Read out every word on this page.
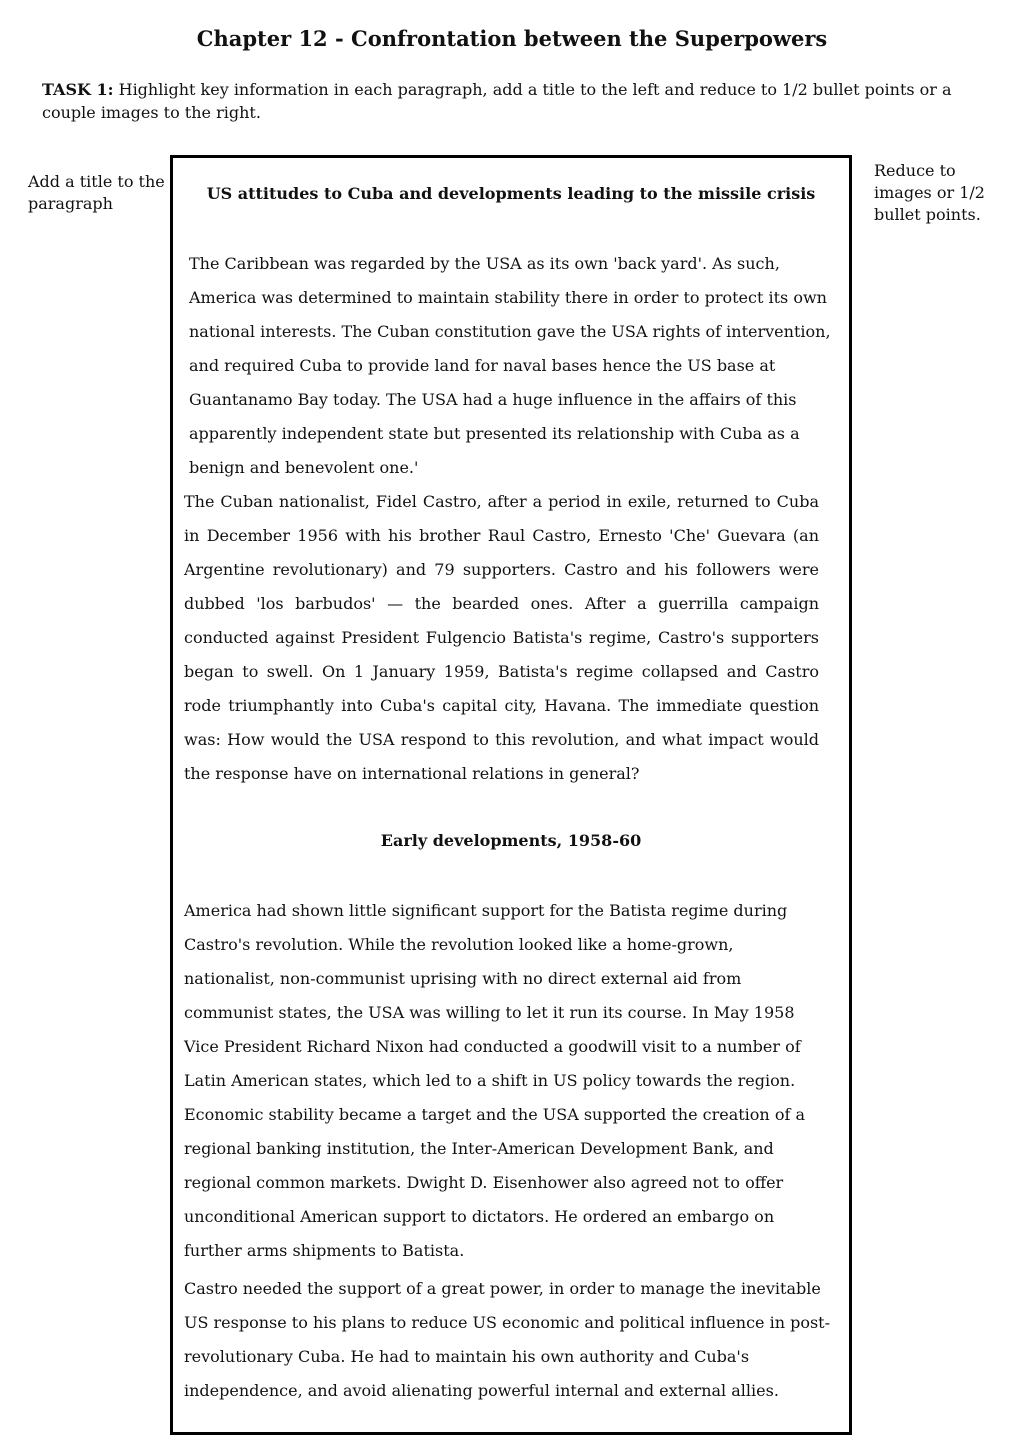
Chapter 12 - Confrontation between the Superpowers

TASK 1: Highlight key information in each paragraph, add a title to the left and reduce to 1/2 bullet points or a couple images to the right.

Add a title to the paragraph
Reduce to images or 1/2 bullet points.
US attitudes to Cuba and developments leading to the missile crisis

The Caribbean was regarded by the USA as its own 'back yard'. As such, America was determined to maintain stability there in order to protect its own national interests. The Cuban constitution gave the USA rights of intervention, and required Cuba to provide land for naval bases hence the US base at Guantanamo Bay today. The USA had a huge influence in the affairs of this apparently independent state but presented its relationship with Cuba as a benign and benevolent one.'

The Cuban nationalist, Fidel Castro, after a period in exile, returned to Cuba in December 1956 with his brother Raul Castro, Ernesto 'Che' Guevara (an Argentine revolutionary) and 79 supporters. Castro and his followers were dubbed 'los barbudos' — the bearded ones. After a guerrilla campaign conducted against President Fulgencio Batista's regime, Castro's supporters began to swell. On 1 January 1959, Batista's regime collapsed and Castro rode triumphantly into Cuba's capital city, Havana. The immediate question was: How would the USA respond to this revolution, and what impact would the response have on international relations in general?

Early developments, 1958-60

America had shown little significant support for the Batista regime during Castro's revolution. While the revolution looked like a home-grown, nationalist, non-communist uprising with no direct external aid from communist states, the USA was willing to let it run its course. In May 1958 Vice President Richard Nixon had conducted a goodwill visit to a number of Latin American states, which led to a shift in US policy towards the region. Economic stability became a target and the USA supported the creation of a regional banking institution, the Inter-American Development Bank, and regional common markets. Dwight D. Eisenhower also agreed not to offer unconditional American support to dictators. He ordered an embargo on further arms shipments to Batista.

Castro needed the support of a great power, in order to manage the inevitable US response to his plans to reduce US economic and political influence in post-revolutionary Cuba. He had to maintain his own authority and Cuba's independence, and avoid alienating powerful internal and external allies.
